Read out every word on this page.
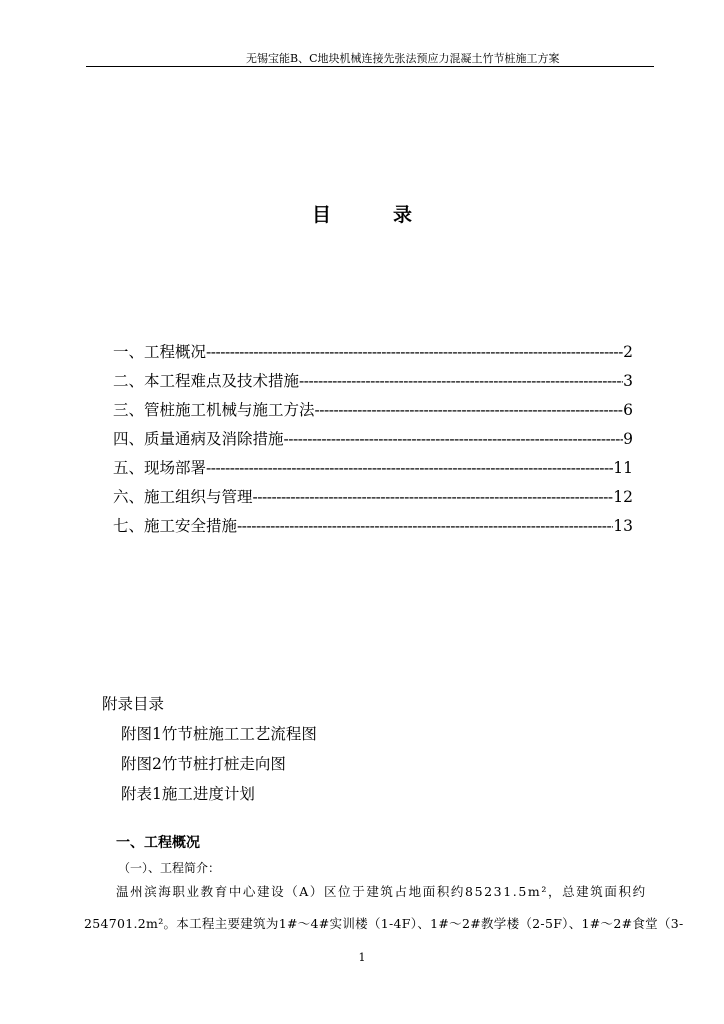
无锡宝能B、C地块机械连接先张法预应力混凝土竹节桩施工方案
目	录
一、工程概况 -----	2
二、本工程难点及技术措施 -----	3
三、管桩施工机械与施工方法 -----	6
四、质量通病及消除措施 -----	9
五、现场部署 -----	11
六、施工组织与管理 -----	12
七、施工安全措施 -----	13
附录目录
附图1竹节桩施工工艺流程图
附图2竹节桩打桩走向图
附表1施工进度计划
一、工程概况
（一）、工程简介：
温州滨海职业教育中心建设（A）区位于建筑占地面积约85231.5m²，总建筑面积约
254701.2m²。本工程主要建筑为1#～4#实训楼（1-4F）、1#～2#教学楼（2-5F）、1#～2#食堂（3-
1
